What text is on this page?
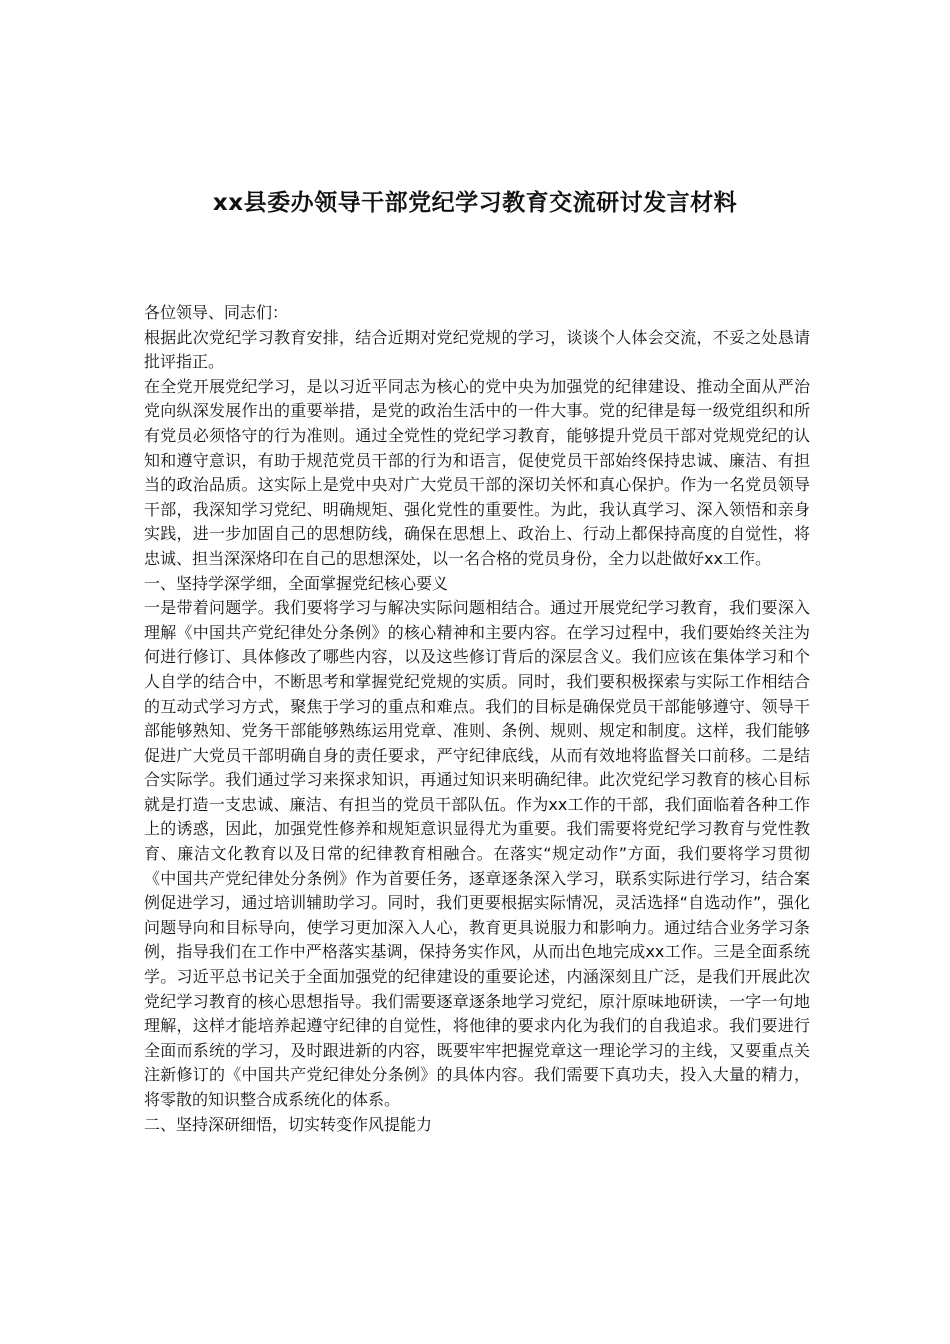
xx县委办领导干部党纪学习教育交流研讨发言材料

各位领导、同志们：

根据此次党纪学习教育安排，结合近期对党纪党规的学习，谈谈个人体会交流，不妥之处恳请批评指正。

在全党开展党纪学习，是以习近平同志为核心的党中央为加强党的纪律建设、推动全面从严治党向纵深发展作出的重要举措，是党的政治生活中的一件大事。党的纪律是每一级党组织和所有党员必须恪守的行为准则。通过全党性的党纪学习教育，能够提升党员干部对党规党纪的认知和遵守意识，有助于规范党员干部的行为和语言，促使党员干部始终保持忠诚、廉洁、有担当的政治品质。这实际上是党中央对广大党员干部的深切关怀和真心保护。作为一名党员领导干部，我深知学习党纪、明确规矩、强化党性的重要性。为此，我认真学习、深入领悟和亲身实践，进一步加固自己的思想防线，确保在思想上、政治上、行动上都保持高度的自觉性，将忠诚、担当深深烙印在自己的思想深处，以一名合格的党员身份，全力以赴做好xx工作。

一、坚持学深学细，全面掌握党纪核心要义

一是带着问题学。我们要将学习与解决实际问题相结合。通过开展党纪学习教育，我们要深入理解《中国共产党纪律处分条例》的核心精神和主要内容。在学习过程中，我们要始终关注为何进行修订、具体修改了哪些内容，以及这些修订背后的深层含义。我们应该在集体学习和个人自学的结合中，不断思考和掌握党纪党规的实质。同时，我们要积极探索与实际工作相结合的互动式学习方式，聚焦于学习的重点和难点。我们的目标是确保党员干部能够遵守、领导干部能够熟知、党务干部能够熟练运用党章、准则、条例、规则、规定和制度。这样，我们能够促进广大党员干部明确自身的责任要求，严守纪律底线，从而有效地将监督关口前移。二是结合实际学。我们通过学习来探求知识，再通过知识来明确纪律。此次党纪学习教育的核心目标就是打造一支忠诚、廉洁、有担当的党员干部队伍。作为xx工作的干部，我们面临着各种工作上的诱惑，因此，加强党性修养和规矩意识显得尤为重要。我们需要将党纪学习教育与党性教育、廉洁文化教育以及日常的纪律教育相融合。在落实“规定动作”方面，我们要将学习贯彻《中国共产党纪律处分条例》作为首要任务，逐章逐条深入学习，联系实际进行学习，结合案例促进学习，通过培训辅助学习。同时，我们更要根据实际情况，灵活选择“自选动作”，强化问题导向和目标导向，使学习更加深入人心，教育更具说服力和影响力。通过结合业务学习条例，指导我们在工作中严格落实基调，保持务实作风，从而出色地完成xx工作。三是全面系统学。习近平总书记关于全面加强党的纪律建设的重要论述，内涵深刻且广泛，是我们开展此次党纪学习教育的核心思想指导。我们需要逐章逐条地学习党纪，原汁原味地研读，一字一句地理解，这样才能培养起遵守纪律的自觉性，将他律的要求内化为我们的自我追求。我们要进行全面而系统的学习，及时跟进新的内容，既要牢牢把握党章这一理论学习的主线，又要重点关注新修订的《中国共产党纪律处分条例》的具体内容。我们需要下真功夫，投入大量的精力，将零散的知识整合成系统化的体系。

二、坚持深研细悟，切实转变作风提能力
